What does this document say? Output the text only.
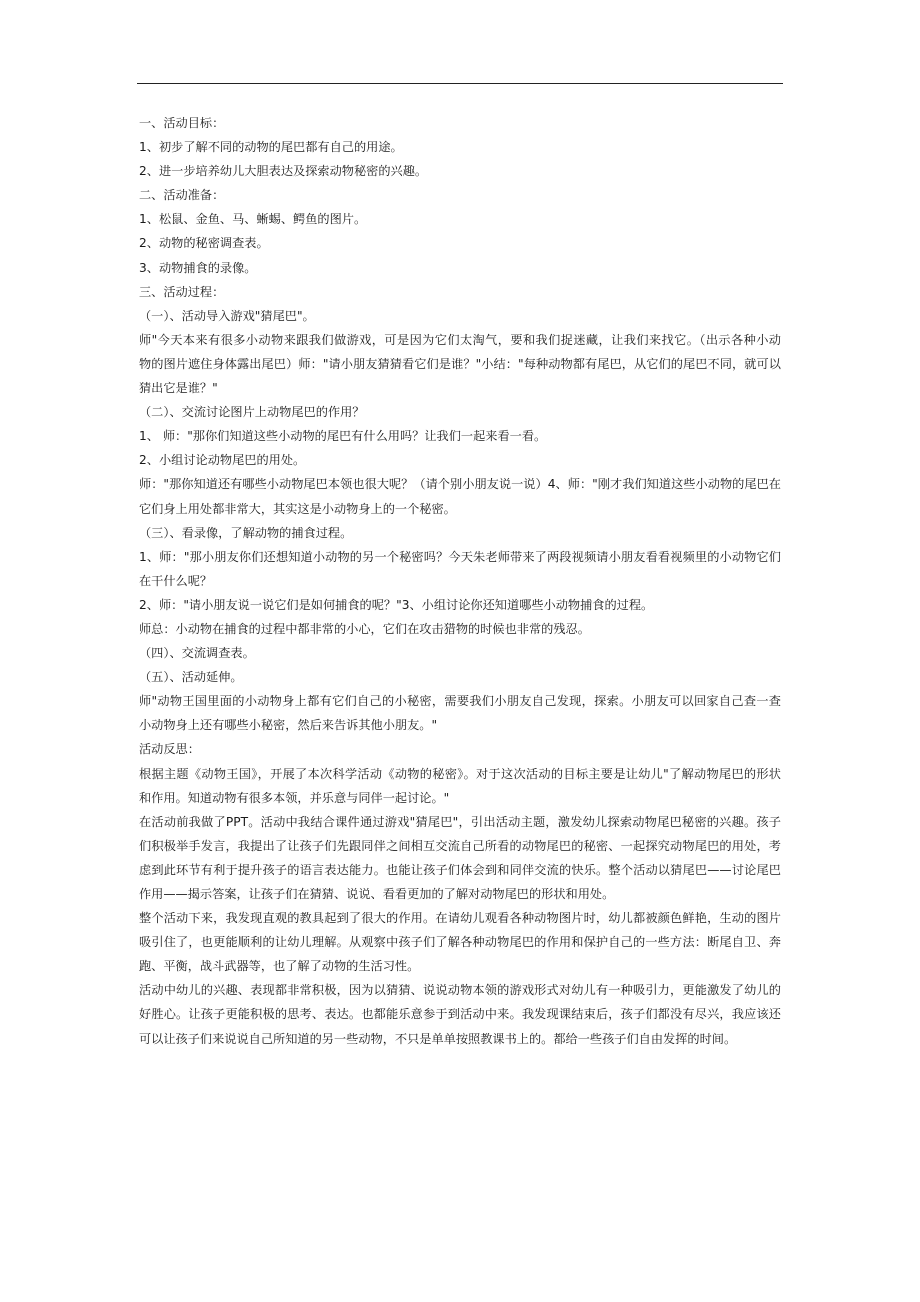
一、活动目标：
1、初步了解不同的动物的尾巴都有自己的用途。
2、进一步培养幼儿大胆表达及探索动物秘密的兴趣。
二、活动准备：
1、松鼠、金鱼、马、蜥蜴、鳄鱼的图片。
2、动物的秘密调查表。
3、动物捕食的录像。
三、活动过程：
（一）、活动导入游戏"猜尾巴"。
师"今天本来有很多小动物来跟我们做游戏，可是因为它们太淘气，要和我们捉迷藏，让我们来找它。（出示各种小动
物的图片遮住身体露出尾巴）师："请小朋友猜猜看它们是谁？"小结："每种动物都有尾巴，从它们的尾巴不同，就可以
猜出它是谁？"
（二）、交流讨论图片上动物尾巴的作用？
1、 师："那你们知道这些小动物的尾巴有什么用吗？让我们一起来看一看。
2、小组讨论动物尾巴的用处。
师："那你知道还有哪些小动物尾巴本领也很大呢？（请个别小朋友说一说）4、师："刚才我们知道这些小动物的尾巴在
它们身上用处都非常大，其实这是小动物身上的一个秘密。
（三）、看录像，了解动物的捕食过程。
1、师："那小朋友你们还想知道小动物的另一个秘密吗？今天朱老师带来了两段视频请小朋友看看视频里的小动物它们
在干什么呢？
2、师："请小朋友说一说它们是如何捕食的呢？"3、小组讨论你还知道哪些小动物捕食的过程。
师总：小动物在捕食的过程中都非常的小心，它们在攻击猎物的时候也非常的残忍。
（四）、交流调查表。
（五）、活动延伸。
师"动物王国里面的小动物身上都有它们自己的小秘密，需要我们小朋友自己发现，探索。小朋友可以回家自己查一查
小动物身上还有哪些小秘密，然后来告诉其他小朋友。"
活动反思：
根据主题《动物王国》，开展了本次科学活动《动物的秘密》。对于这次活动的目标主要是让幼儿"了解动物尾巴的形状
和作用。知道动物有很多本领，并乐意与同伴一起讨论。"
在活动前我做了PPT。活动中我结合课件通过游戏"猜尾巴"，引出活动主题，激发幼儿探索动物尾巴秘密的兴趣。孩子
们积极举手发言，我提出了让孩子们先跟同伴之间相互交流自己所看的动物尾巴的秘密、一起探究动物尾巴的用处，考
虑到此环节有利于提升孩子的语言表达能力。也能让孩子们体会到和同伴交流的快乐。整个活动以猜尾巴——讨论尾巴
作用——揭示答案，让孩子们在猜猜、说说、看看更加的了解对动物尾巴的形状和用处。
整个活动下来，我发现直观的教具起到了很大的作用。在请幼儿观看各种动物图片时，幼儿都被颜色鲜艳，生动的图片
吸引住了，也更能顺利的让幼儿理解。从观察中孩子们了解各种动物尾巴的作用和保护自己的一些方法：断尾自卫、奔
跑、平衡，战斗武器等，也了解了动物的生活习性。
活动中幼儿的兴趣、表现都非常积极，因为以猜猜、说说动物本领的游戏形式对幼儿有一种吸引力，更能激发了幼儿的
好胜心。让孩子更能积极的思考、表达。也都能乐意参于到活动中来。我发现课结束后，孩子们都没有尽兴，我应该还
可以让孩子们来说说自己所知道的另一些动物，不只是单单按照教课书上的。都给一些孩子们自由发挥的时间。
